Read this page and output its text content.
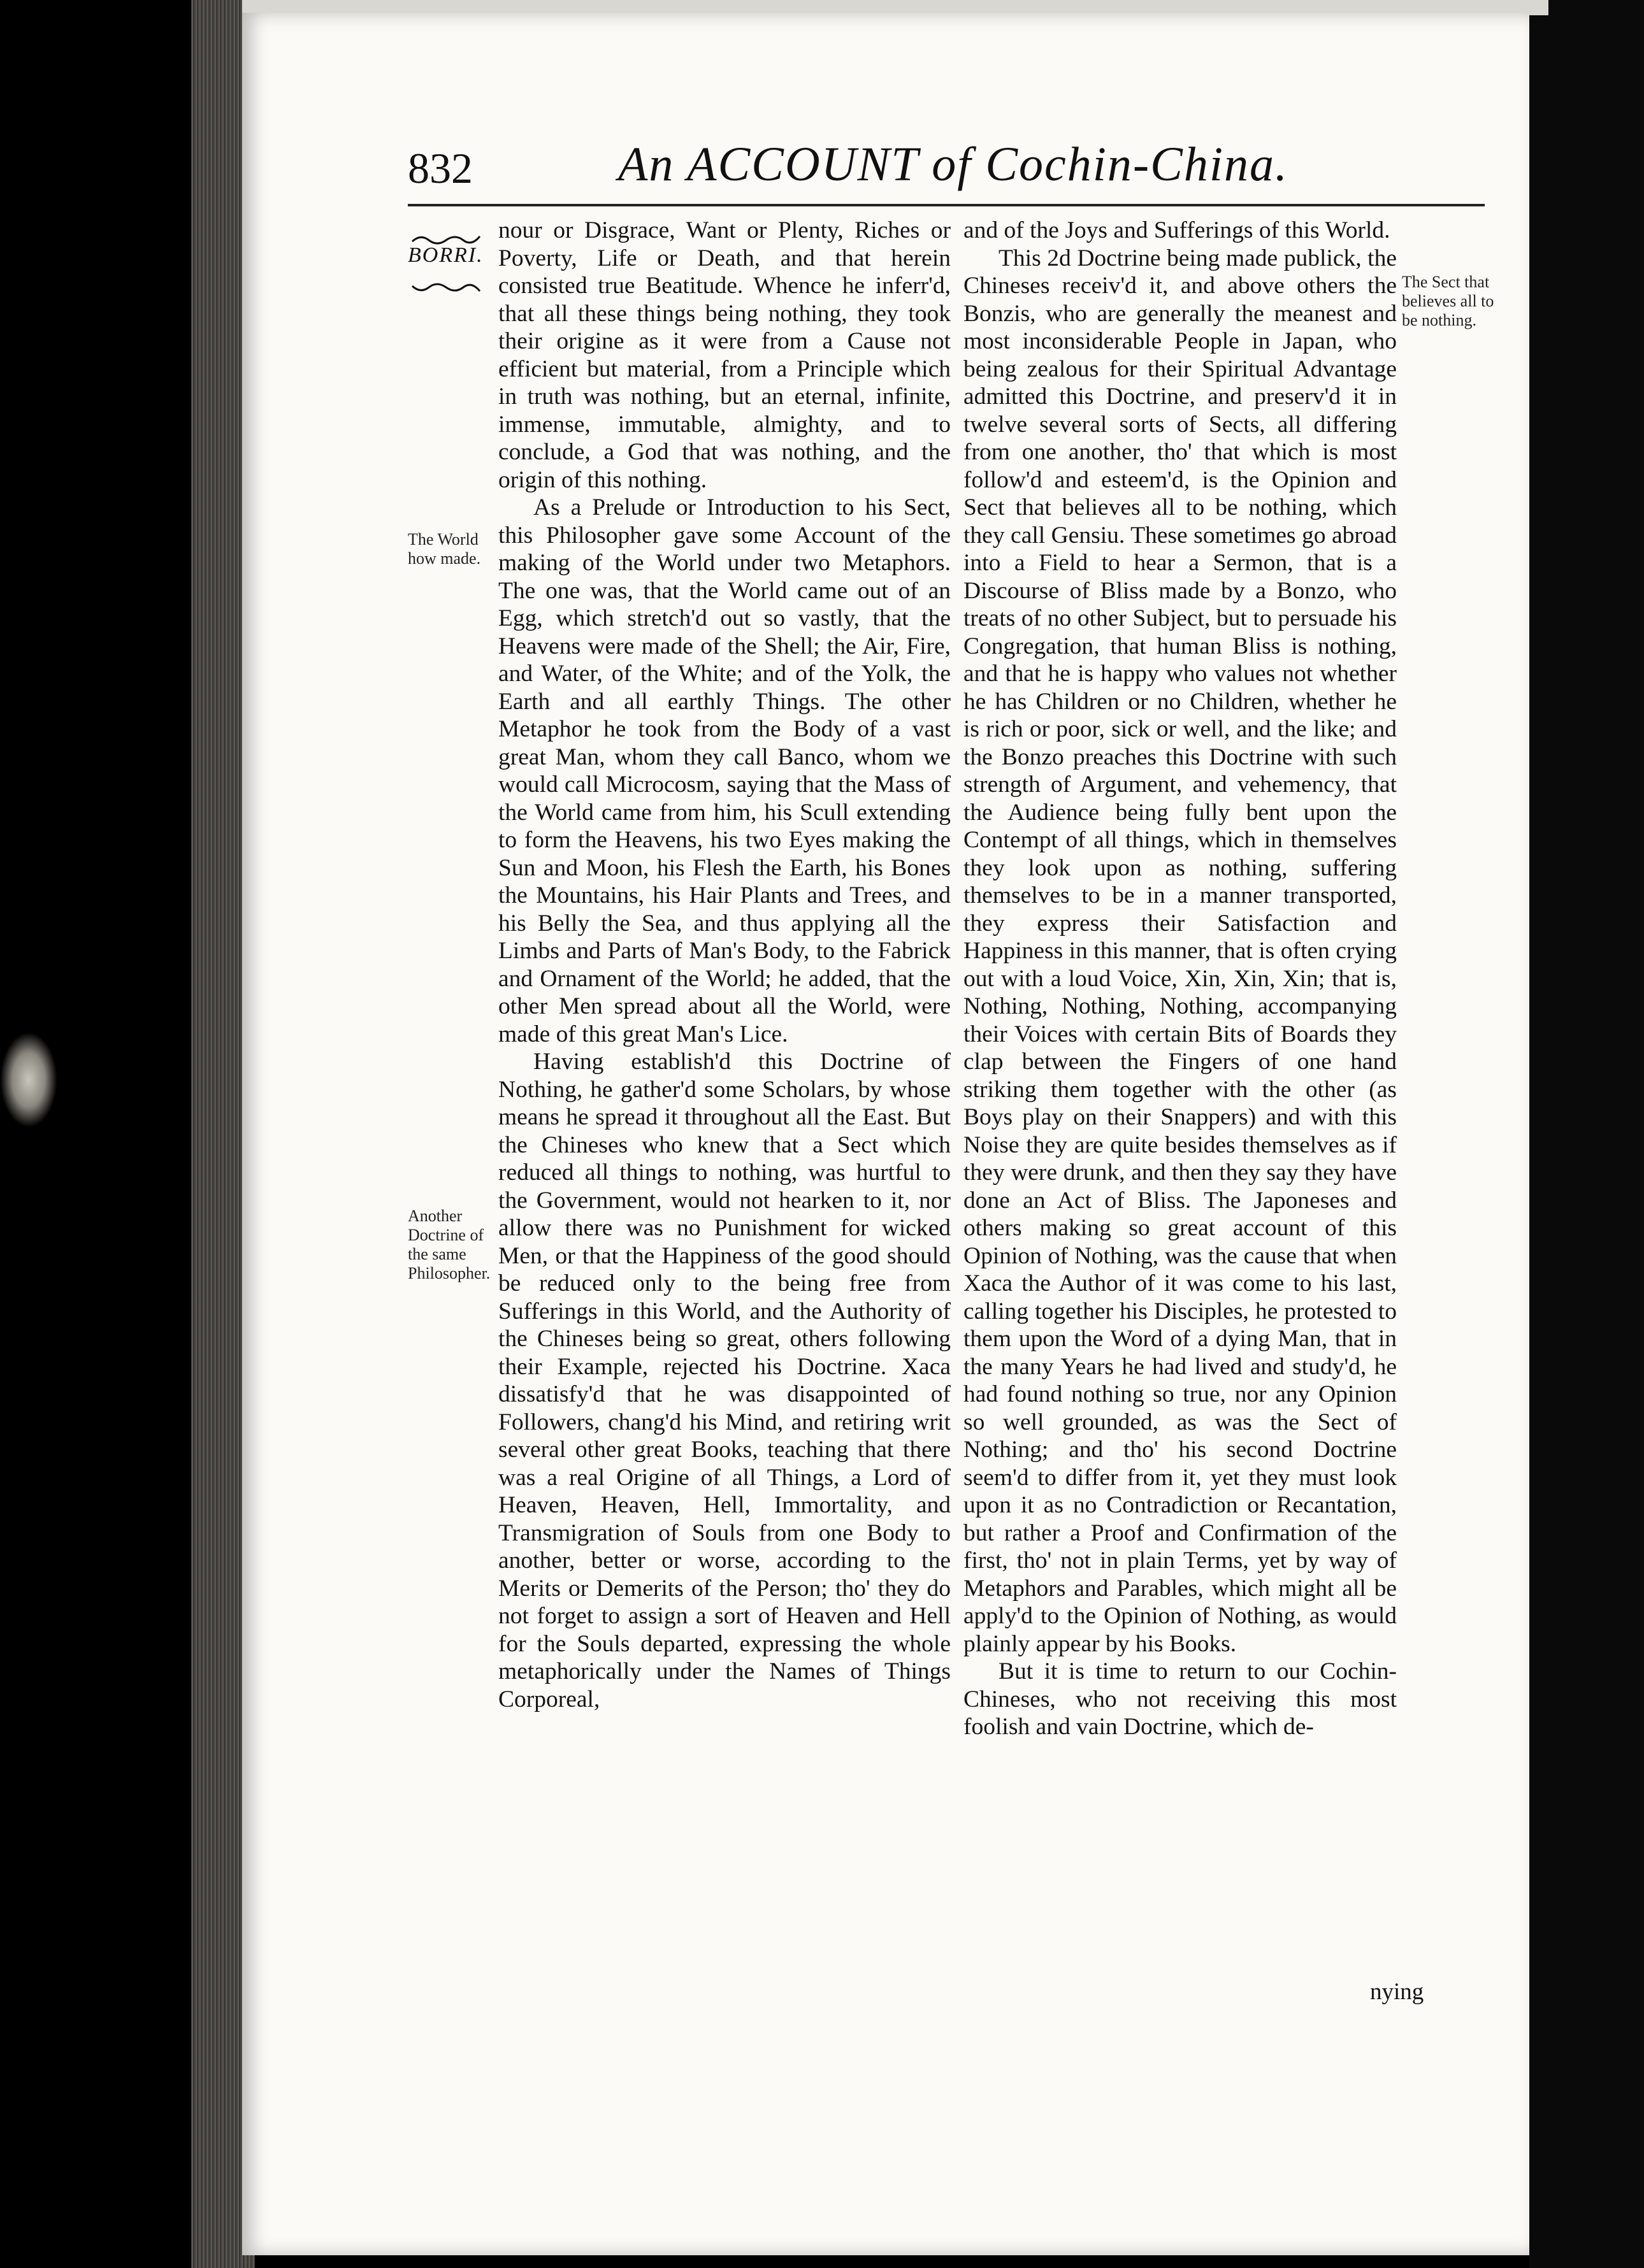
832	An ACCOUNT of Cochin-China.
BORRI.
The World how made.
Another Doctrine of the same Philosopher.
The Sect that believes all to be nothing.

nour or Disgrace, Want or Plenty, Riches or Poverty, Life or Death, and that herein consisted true Beatitude. Whence he inferr'd, that all these things being nothing, they took their origine as it were from a Cause not efficient but material, from a Principle which in truth was nothing, but an eternal, infinite, immense, immutable, almighty, and to conclude, a God that was nothing, and the origin of this nothing.

As a Prelude or Introduction to his Sect, this Philosopher gave some Account of the making of the World under two Metaphors. The one was, that the World came out of an Egg, which stretch'd out so vastly, that the Heavens were made of the Shell; the Air, Fire, and Water, of the White; and of the Yolk, the Earth and all earthly Things. The other Metaphor he took from the Body of a vast great Man, whom they call Banco, whom we would call Microcosm, saying that the Mass of the World came from him, his Scull extending to form the Heavens, his two Eyes making the Sun and Moon, his Flesh the Earth, his Bones the Mountains, his Hair Plants and Trees, and his Belly the Sea, and thus applying all the Limbs and Parts of Man's Body, to the Fabrick and Ornament of the World; he added, that the other Men spread about all the World, were made of this great Man's Lice.

Having establish'd this Doctrine of Nothing, he gather'd some Scholars, by whose means he spread it throughout all the East. But the Chineses who knew that a Sect which reduced all things to nothing, was hurtful to the Government, would not hearken to it, nor allow there was no Punishment for wicked Men, or that the Happiness of the good should be reduced only to the being free from Sufferings in this World, and the Authority of the Chineses being so great, others following their Example, rejected his Doctrine. Xaca dissatisfy'd that he was disappointed of Followers, chang'd his Mind, and retiring writ several other great Books, teaching that there was a real Origine of all Things, a Lord of Heaven, Heaven, Hell, Immortality, and Transmigration of Souls from one Body to another, better or worse, according to the Merits or Demerits of the Person; tho' they do not forget to assign a sort of Heaven and Hell for the Souls departed, expressing the whole metaphorically under the Names of Things Corporeal,

and of the Joys and Sufferings of this World.

This 2d Doctrine being made publick, the Chineses receiv'd it, and above others the Bonzis, who are generally the meanest and most inconsiderable People in Japan, who being zealous for their Spiritual Advantage admitted this Doctrine, and preserv'd it in twelve several sorts of Sects, all differing from one another, tho' that which is most follow'd and esteem'd, is the Opinion and Sect that believes all to be nothing, which they call Gensiu. These sometimes go abroad into a Field to hear a Sermon, that is a Discourse of Bliss made by a Bonzo, who treats of no other Subject, but to persuade his Congregation, that human Bliss is nothing, and that he is happy who values not whether he has Children or no Children, whether he is rich or poor, sick or well, and the like; and the Bonzo preaches this Doctrine with such strength of Argument, and vehemency, that the Audience being fully bent upon the Contempt of all things, which in themselves they look upon as nothing, suffering themselves to be in a manner transported, they express their Satisfaction and Happiness in this manner, that is often crying out with a loud Voice, Xin, Xin, Xin; that is, Nothing, Nothing, Nothing, accompanying their Voices with certain Bits of Boards they clap between the Fingers of one hand striking them together with the other (as Boys play on their Snappers) and with this Noise they are quite besides themselves as if they were drunk, and then they say they have done an Act of Bliss. The Japoneses and others making so great account of this Opinion of Nothing, was the cause that when Xaca the Author of it was come to his last, calling together his Disciples, he protested to them upon the Word of a dying Man, that in the many Years he had lived and study'd, he had found nothing so true, nor any Opinion so well grounded, as was the Sect of Nothing; and tho' his second Doctrine seem'd to differ from it, yet they must look upon it as no Contradiction or Recantation, but rather a Proof and Confirmation of the first, tho' not in plain Terms, yet by way of Metaphors and Parables, which might all be apply'd to the Opinion of Nothing, as would plainly appear by his Books.

But it is time to return to our Cochin-Chineses, who not receiving this most foolish and vain Doctrine, which de-

nying
